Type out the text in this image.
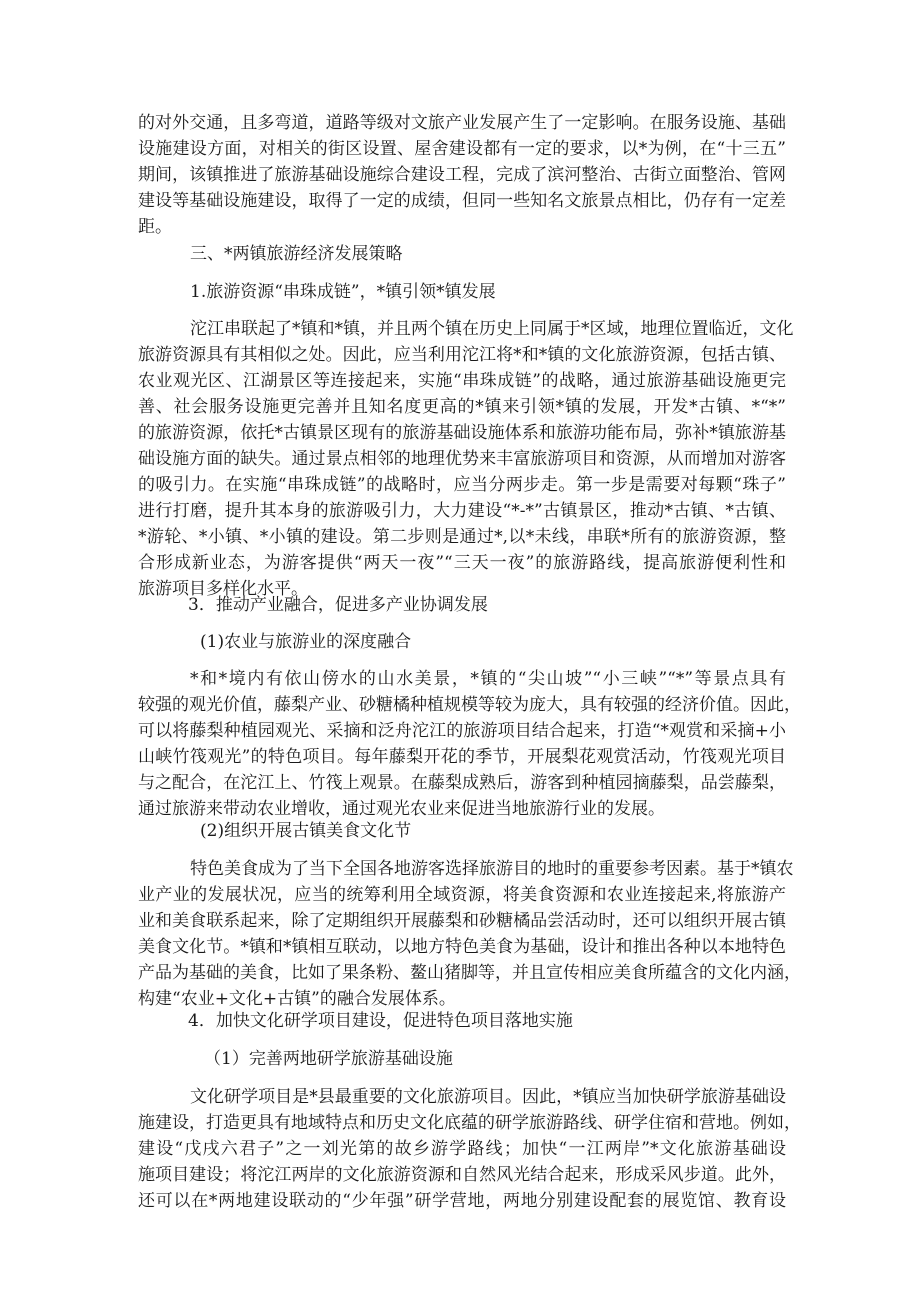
的对外交通，且多弯道，道路等级对文旅产业发展产生了一定影响。在服务设施、基础
设施建设方面，对相关的街区设置、屋舍建设都有一定的要求，以*为例，在“十三五”
期间，该镇推进了旅游基础设施综合建设工程，完成了滨河整治、古街立面整治、管网
建设等基础设施建设，取得了一定的成绩，但同一些知名文旅景点相比，仍存有一定差
距。
三、*两镇旅游经济发展策略
1.旅游资源“串珠成链”，*镇引领*镇发展
沱江串联起了*镇和*镇，并且两个镇在历史上同属于*区域，地理位置临近，文化
旅游资源具有其相似之处。因此，应当利用沱江将*和*镇的文化旅游资源，包括古镇、
农业观光区、江湖景区等连接起来，实施“串珠成链”的战略，通过旅游基础设施更完
善、社会服务设施更完善并且知名度更高的*镇来引领*镇的发展，开发*古镇、*“*”
的旅游资源，依托*古镇景区现有的旅游基础设施体系和旅游功能布局，弥补*镇旅游基
础设施方面的缺失。通过景点相邻的地理优势来丰富旅游项目和资源，从而增加对游客
的吸引力。在实施“串珠成链”的战略时，应当分两步走。第一步是需要对每颗“珠子”
进行打磨，提升其本身的旅游吸引力，大力建设“*-*”古镇景区，推动*古镇、*古镇、
*游轮、*小镇、*小镇的建设。第二步则是通过*,以*未线，串联*所有的旅游资源，整
合形成新业态，为游客提供“两天一夜”“三天一夜”的旅游路线，提高旅游便利性和
旅游项目多样化水平。
3．推动产业融合，促进多产业协调发展
(1)农业与旅游业的深度融合
*和*境内有依山傍水的山水美景，*镇的“尖山坡”“小三峡”“*”等景点具有
较强的观光价值，藤梨产业、砂糖橘种植规模等较为庞大，具有较强的经济价值。因此，
可以将藤梨种植园观光、采摘和泛舟沱江的旅游项目结合起来，打造“*观赏和采摘+小
山峡竹筏观光”的特色项目。每年藤梨开花的季节，开展梨花观赏活动，竹筏观光项目
与之配合，在沱江上、竹筏上观景。在藤梨成熟后，游客到种植园摘藤梨，品尝藤梨，
通过旅游来带动农业增收，通过观光农业来促进当地旅游行业的发展。
(2)组织开展古镇美食文化节
特色美食成为了当下全国各地游客选择旅游目的地时的重要参考因素。基于*镇农
业产业的发展状况，应当的统筹利用全域资源，将美食资源和农业连接起来,将旅游产
业和美食联系起来，除了定期组织开展藤梨和砂糖橘品尝活动时，还可以组织开展古镇
美食文化节。*镇和*镇相互联动，以地方特色美食为基础，设计和推出各种以本地特色
产品为基础的美食，比如了果条粉、鳌山猪脚等，并且宣传相应美食所蕴含的文化内涵，
构建“农业+文化+古镇”的融合发展体系。
4．加快文化研学项目建设，促进特色项目落地实施
（1）完善两地研学旅游基础设施
文化研学项目是*县最重要的文化旅游项目。因此，*镇应当加快研学旅游基础设
施建设，打造更具有地域特点和历史文化底蕴的研学旅游路线、研学住宿和营地。例如，
建设“戊戌六君子”之一刘光第的故乡游学路线；加快“一江两岸”*文化旅游基础设
施项目建设；将沱江两岸的文化旅游资源和自然风光结合起来，形成采风步道。此外，
还可以在*两地建设联动的“少年强”研学营地，两地分别建设配套的展览馆、教育设
